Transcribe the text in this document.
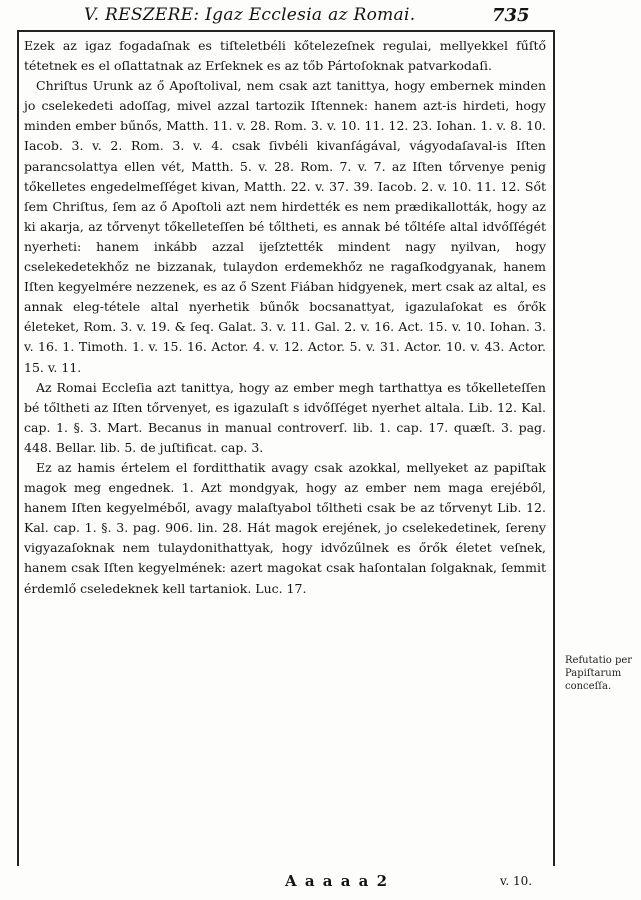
V. RESZERE: Igaz Ecclesia az Romai.	735

Ezek az igaz fogadaſnak es tiſteletbéli kőtelezeſnek regulai, mellyekkel fűſtő tétetnek es el oſlattatnak az Erſeknek es az tőb Pártoſoknak patvarkodaſi.

Chriſtus Urunk az ő Apoſtolival, nem csak azt tanittya, hogy embernek minden jo cselekedeti adoſſag, mivel azzal tartozik Iſtennek: hanem azt-is hirdeti, hogy minden ember bűnős, Matth. 11. v. 28. Rom. 3. v. 10. 11. 12. 23. Iohan. 1. v. 8. 10. Iacob. 3. v. 2. Rom. 3. v. 4. csak ſivbéli kivanſágával, vágyodaſaval-is Iſten parancsolattya ellen vét, Matth. 5. v. 28. Rom. 7. v. 7. az Iſten tőrvenye penig tőkelletes engedelmeſſéget kivan, Matth. 22. v. 37. 39. Iacob. 2. v. 10. 11. 12. Sőt ſem Chriſtus, ſem az ő Apoſtoli azt nem hirdették es nem prædikallották, hogy az ki akarja, az tőrvenyt tőkelleteſſen bé tőltheti, es annak bé tőltéſe altal idvőſſégét nyerheti: hanem inkább azzal ijeſztették mindent nagy nyilvan, hogy cselekedetekhőz ne bizzanak, tulaydon erdemekhőz ne ragaſkodgyanak, hanem Iſten kegyelmére nezzenek, es az ő Szent Fiában hidgyenek, mert csak az altal, es annak eleg-tétele altal nyerhetik bűnők bocsanattyat, igazulaſokat es őrők életeket, Rom. 3. v. 19. & ſeq. Galat. 3. v. 11. Gal. 2. v. 16. Act. 15. v. 10. Iohan. 3. v. 16. 1. Timoth. 1. v. 15. 16. Actor. 4. v. 12. Actor. 5. v. 31. Actor. 10. v. 43. Actor. 15. v. 11.

Az Romai Eccleſia azt tanittya, hogy az ember megh tarthattya es tőkelleteſſen bé tőltheti az Iſten tőrvenyet, es igazulaſt s idvőſſéget nyerhet altala. Lib. 12. Kal. cap. 1. §. 3. Mart. Becanus in manual controverſ. lib. 1. cap. 17. quæſt. 3. pag. 448. Bellar. lib. 5. de juſtificat. cap. 3.

Ez az hamis értelem el forditthatik avagy csak azokkal, mellyeket az papiſtak magok meg engednek. 1. Azt mondgyak, hogy az ember nem maga erejéből, hanem Iſten kegyelméből, avagy malaſtyabol tőltheti csak be az tőrvenyt Lib. 12. Kal. cap. 1. §. 3. pag. 906. lin. 28. Hát magok erejének, jo cselekedetinek, ſereny vigyazaſoknak nem tulaydonithattyak, hogy idvőzűlnek es őrők életet veſnek, hanem csak Iſten kegyelmének: azert magokat csak haſontalan ſolgaknak, ſemmit érdemlő cseledeknek kell tartaniok. Luc. 17.

Refutatio per Papiſtarum conceſſa.
A a a a a 2	v. 10.
